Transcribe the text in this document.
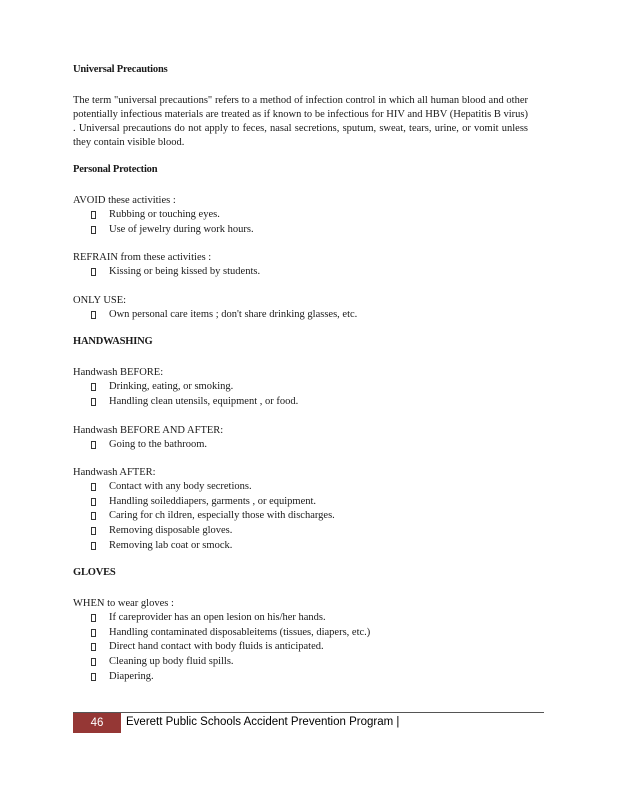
Universal Precautions

The term "universal precautions" refers to a method of infection control in which all human blood and other potentially infectious materials are treated as if known to be infectious for HIV and HBV (Hepatitis B virus) . Universal precautions do not apply to feces, nasal secretions, sputum, sweat, tears, urine, or vomit unless they contain visible blood.

Personal Protection

AVOID these activities :

Rubbing or touching eyes.
Use of jewelry during work hours.

REFRAIN from these activities :

Kissing or being kissed by students.

ONLY USE:

Own personal care items ; don't share drinking glasses, etc.

HANDWASHING

Handwash BEFORE:

Drinking, eating, or smoking.
Handling clean utensils, equipment , or food.

Handwash BEFORE AND AFTER:

Going to the bathroom.

Handwash AFTER:

Contact with any body secretions.
Handling soileddiapers, garments , or equipment.
Caring for ch ildren, especially those with discharges.
Removing disposable gloves.
Removing lab coat or smock.

GLOVES

WHEN to wear gloves :

If careprovider has an open lesion on his/her hands.
Handling contaminated disposableitems (tissues, diapers, etc.)
Direct hand contact with body fluids is anticipated.
Cleaning up body fluid spills.
Diapering.
46 Everett Public Schools Accident Prevention Program |
